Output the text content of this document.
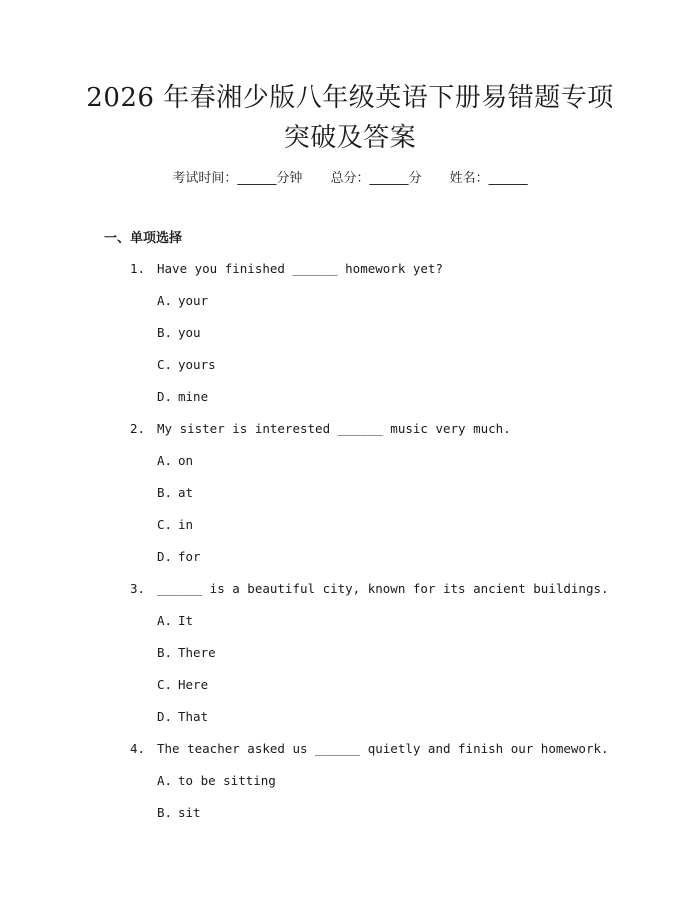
2026 年春湘少版八年级英语下册易错题专项
突破及答案
考试时间：______分钟 总分：______分 姓名：______
一、单项选择
1. Have you finished ______ homework yet?
A. your
B. you
C. yours
D. mine
2. My sister is interested ______ music very much.
A. on
B. at
C. in
D. for
3. ______ is a beautiful city, known for its ancient buildings.
A. It
B. There
C. Here
D. That
4. The teacher asked us ______ quietly and finish our homework.
A. to be sitting
B. sit
